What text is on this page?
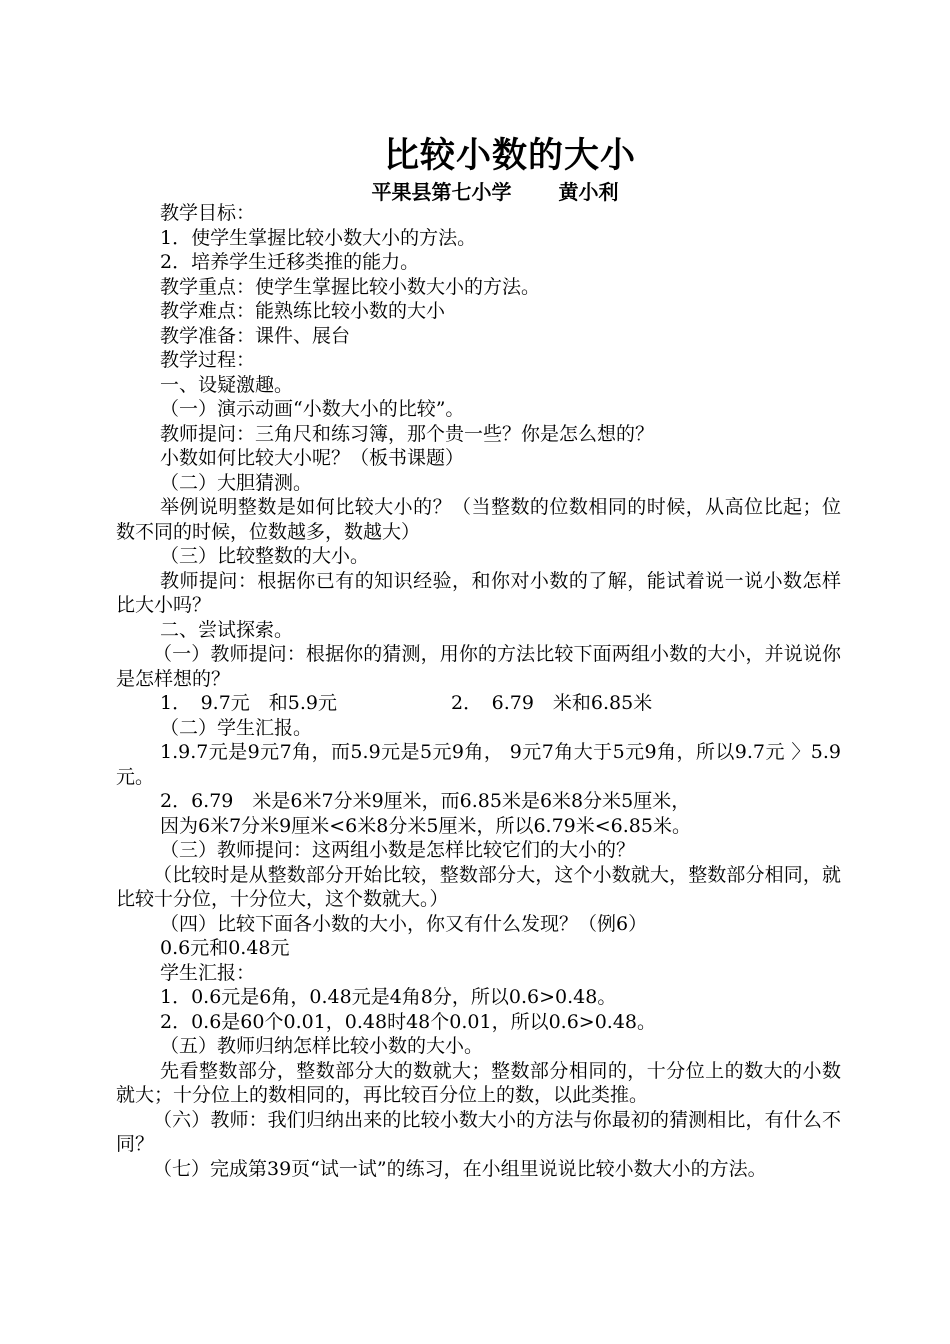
比较小数的大小
平果县第七小学　　 黄小利
教学目标：
1．使学生掌握比较小数大小的方法。
2．培养学生迁移类推的能力。
教学重点：使学生掌握比较小数大小的方法。
教学难点：能熟练比较小数的大小
教学准备：课件、展台
教学过程：
一、设疑激趣。
（一）演示动画“小数大小的比较”。
教师提问：三角尺和练习簿，那个贵一些？你是怎么想的？
小数如何比较大小呢？（板书课题）
（二）大胆猜测。
举例说明整数是如何比较大小的？（当整数的位数相同的时候，从高位比起；位数不同的时候，位数越多，数越大）
（三）比较整数的大小。
教师提问：根据你已有的知识经验，和你对小数的了解，能试着说一说小数怎样比大小吗？
二、尝试探索。
（一）教师提问：根据你的猜测，用你的方法比较下面两组小数的大小，并说说你是怎样想的？
1．　9.7元　和5.9元　　　　　　2．　6.79　米和6.85米
（二）学生汇报。
1.9.7元是9元7角，而5.9元是5元9角， 9元7角大于5元9角，所以9.7元 〉5.9元。
2．6.79　米是6米7分米9厘米，而6.85米是6米8分米5厘米，
因为6米7分米9厘米<6米8分米5厘米，所以6.79米<6.85米。
（三）教师提问：这两组小数是怎样比较它们的大小的？
（比较时是从整数部分开始比较，整数部分大，这个小数就大，整数部分相同，就比较十分位，十分位大，这个数就大。）
（四）比较下面各小数的大小，你又有什么发现？（例6）
0.6元和0.48元
学生汇报：
1．0.6元是6角，0.48元是4角8分，所以0.6>0.48。
2．0.6是60个0.01，0.48时48个0.01，所以0.6>0.48。
（五）教师归纳怎样比较小数的大小。
先看整数部分，整数部分大的数就大；整数部分相同的，十分位上的数大的小数就大；十分位上的数相同的，再比较百分位上的数，以此类推。
（六）教师：我们归纳出来的比较小数大小的方法与你最初的猜测相比，有什么不同？
（七）完成第39页“试一试”的练习，在小组里说说比较小数大小的方法。
